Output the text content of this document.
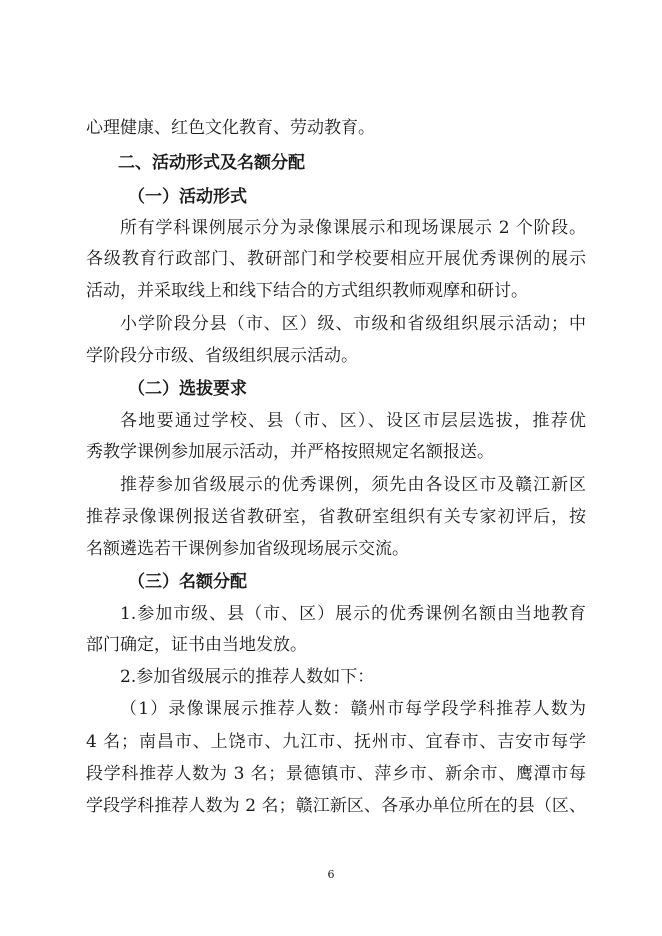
心理健康、红色文化教育、劳动教育。
二、活动形式及名额分配
（一）活动形式
所有学科课例展示分为录像课展示和现场课展示 2 个阶段。
各级教育行政部门、教研部门和学校要相应开展优秀课例的展示
活动，并采取线上和线下结合的方式组织教师观摩和研讨。
小学阶段分县（市、区）级、市级和省级组织展示活动；中
学阶段分市级、省级组织展示活动。
（二）选拔要求
各地要通过学校、县（市、区）、设区市层层选拔，推荐优
秀教学课例参加展示活动，并严格按照规定名额报送。
推荐参加省级展示的优秀课例，须先由各设区市及赣江新区
推荐录像课例报送省教研室，省教研室组织有关专家初评后，按
名额遴选若干课例参加省级现场展示交流。
（三）名额分配
1.参加市级、县（市、区）展示的优秀课例名额由当地教育
部门确定，证书由当地发放。
2.参加省级展示的推荐人数如下：
（1）录像课展示推荐人数：赣州市每学段学科推荐人数为
4 名；南昌市、上饶市、九江市、抚州市、宜春市、吉安市每学
段学科推荐人数为 3 名；景德镇市、萍乡市、新余市、鹰潭市每
学段学科推荐人数为 2 名；赣江新区、各承办单位所在的县（区、
6
